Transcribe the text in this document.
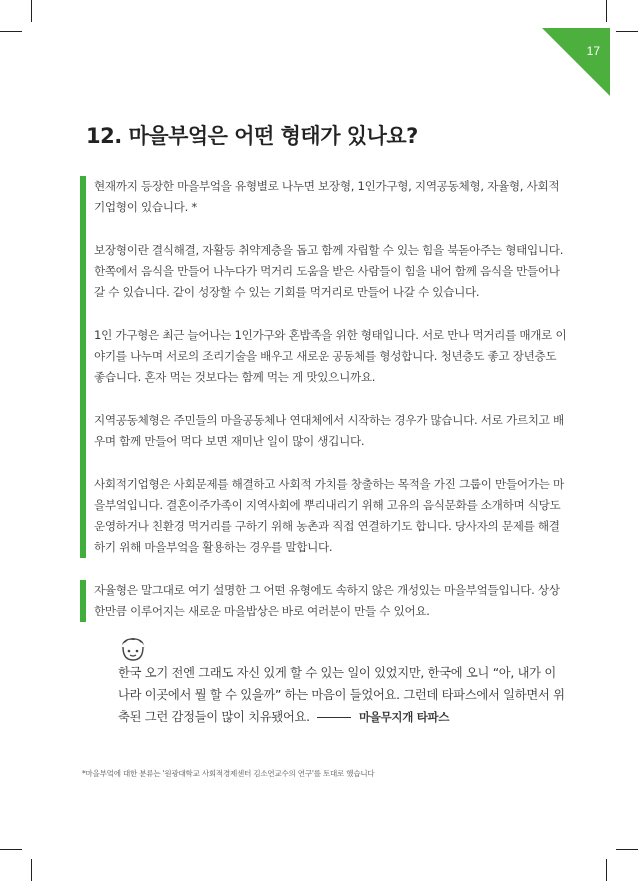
17
12. 마을부엌은 어떤 형태가 있나요?

현재까지 등장한 마을부엌을 유형별로 나누면 보장형, 1인가구형, 지역공동체형, 자율형, 사회적기업형이 있습니다. *

보장형이란 결식해결, 자활등 취약계층을 돕고 함께 자립할 수 있는 힘을 북돋아주는 형태입니다. 한쪽에서 음식을 만들어 나누다가 먹거리 도움을 받은 사람들이 힘을 내어 함께 음식을 만들어나갈 수 있습니다. 같이 성장할 수 있는 기회를 먹거리로 만들어 나갈 수 있습니다.

1인 가구형은 최근 늘어나는 1인가구와 혼밥족을 위한 형태입니다. 서로 만나 먹거리를 매개로 이야기를 나누며 서로의 조리기술을 배우고 새로운 공동체를 형성합니다. 청년층도 좋고 장년층도 좋습니다. 혼자 먹는 것보다는 함께 먹는 게 맛있으니까요.

지역공동체형은 주민들의 마을공동체나 연대체에서 시작하는 경우가 많습니다. 서로 가르치고 배우며 함께 만들어 먹다 보면 재미난 일이 많이 생깁니다.

사회적기업형은 사회문제를 해결하고 사회적 가치를 창출하는 목적을 가진 그룹이 만들어가는 마을부엌입니다. 결혼이주가족이 지역사회에 뿌리내리기 위해 고유의 음식문화를 소개하며 식당도 운영하거나 친환경 먹거리를 구하기 위해 농촌과 직접 연결하기도 합니다. 당사자의 문제를 해결하기 위해 마을부엌을 활용하는 경우를 말합니다.

자율형은 말그대로 여기 설명한 그 어떤 유형에도 속하지 않은 개성있는 마을부엌들입니다. 상상한만큼 이루어지는 새로운 마을밥상은 바로 여러분이 만들 수 있어요.

한국 오기 전엔 그래도 자신 있게 할 수 있는 일이 있었지만, 한국에 오니 “아, 내가 이 나라 이곳에서 뭘 할 수 있을까” 하는 마음이 들었어요. 그런데 타파스에서 일하면서 위축된 그런 감정들이 많이 치유됐어요.	마을무지개 타파스
*마을부엌에 대한 분류는 '원광대학교 사회적경제센터 김소연교수의 연구'를 토대로 했습니다
